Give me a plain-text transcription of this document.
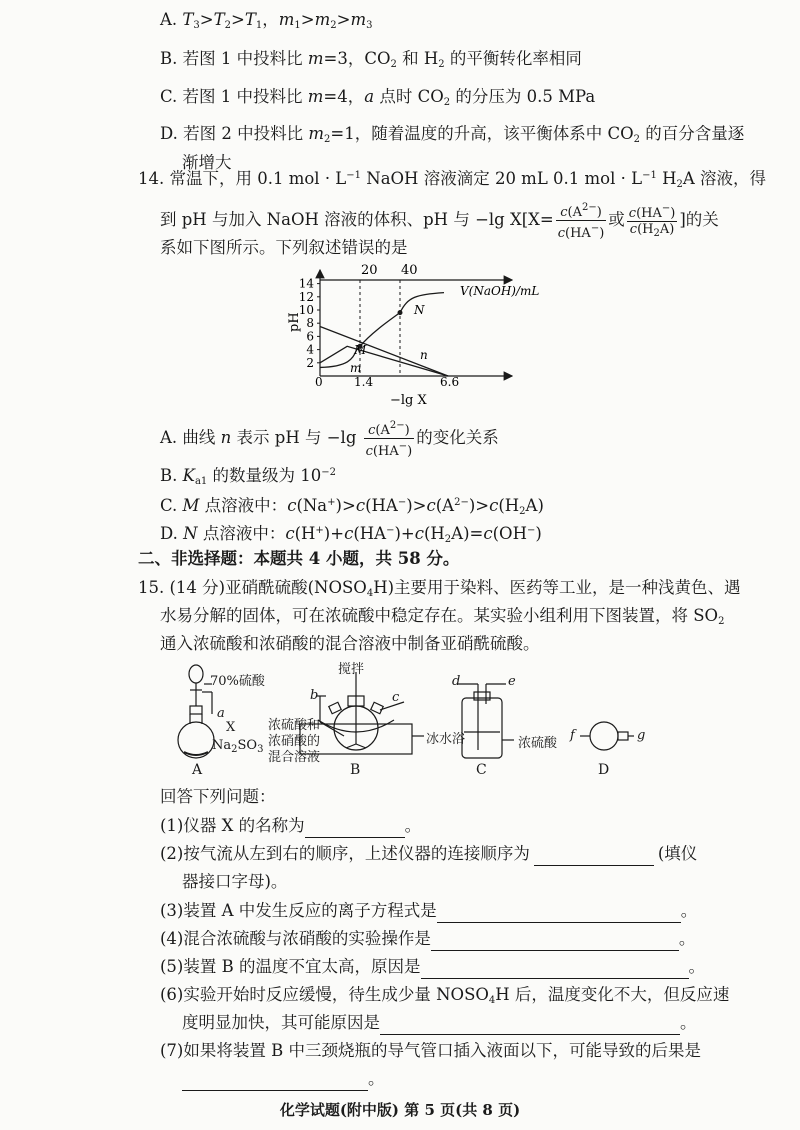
A. $T_3>T_2>T_1$，$m_1>m_2>m_3$
B. 若图 1 中投料比 m=3，$CO_2$ 和 $H_2$ 的平衡转化率相同
C. 若图 1 中投料比 m=4，a 点时 $CO_2$ 的分压为 0.5 MPa
D. 若图 2 中投料比 $m_2=1$，随着温度的升高，该平衡体系中 $CO_2$ 的百分含量逐
渐增大
14. 常温下，用 0.1 mol · $L^{-1}$ NaOH 溶液滴定 20 mL 0.1 mol · $L^{-1}$ $H_2A$ 溶液，得
到 pH 与加入 NaOH 溶液的体积、pH 与 −lg $X[X= \frac{c(A^{2-})}{c(HA^-)}$ 或 $\frac{c(HA^-)}{c(H_2A)}$ ]的关
系如下图所示。下列叙述错误的是
2
4
6
8
10
12
14
pH
−lg X
V(NaOH)/mL
20 40
0	1.4	6.6
M
N
m
n
A. 曲线 n 表示 pH 与 $-\lg \frac{c(A^{2-})}{c(HA^-)}$ 的变化关系
B. $K_{a1}$ 的数量级为 $10^{-2}$
C. M 点溶液中：$c(Na^+)>c(HA^-)>c(A^{2-})>c(H_2A)$
D. N 点溶液中：$c(H^+)+c(HA^-)+c(H_2A)=c(OH^-)$
二、非选择题：本题共 4 小题，共 58 分。
15. (14 分)亚硝酰硫酸$(NOSO_4H)$主要用于染料、医药等工业，是一种浅黄色、遇
水易分解的固体，可在浓硫酸中稳定存在。某实验小组利用下图装置，将 $SO_2$
通入浓硫酸和浓硝酸的混合溶液中制备亚硝酰硫酸。
70%硫酸
a
X
$Na_2SO_3$
A
搅拌
b	c
浓硫酸和
浓硝酸的
混合溶液
冰水浴
B
d	e
浓硫酸
C
f	g
D
回答下列问题：
(1)仪器 X 的名称为	。
(2)按气流从左到右的顺序，上述仪器的连接顺序为	(填仪
器接口字母)。
(3)装置 A 中发生反应的离子方程式是	。
(4)混合浓硫酸与浓硝酸的实验操作是	。
(5)装置 B 的温度不宜太高，原因是	。
(6)实验开始时反应缓慢，待生成少量 $NOSO_4H$ 后，温度变化不大，但反应速
度明显加快，其可能原因是	。
(7)如果将装置 B 中三颈烧瓶的导气管口插入液面以下，可能导致的后果是
。
化学试题(附中版) 第 5 页(共 8 页)
